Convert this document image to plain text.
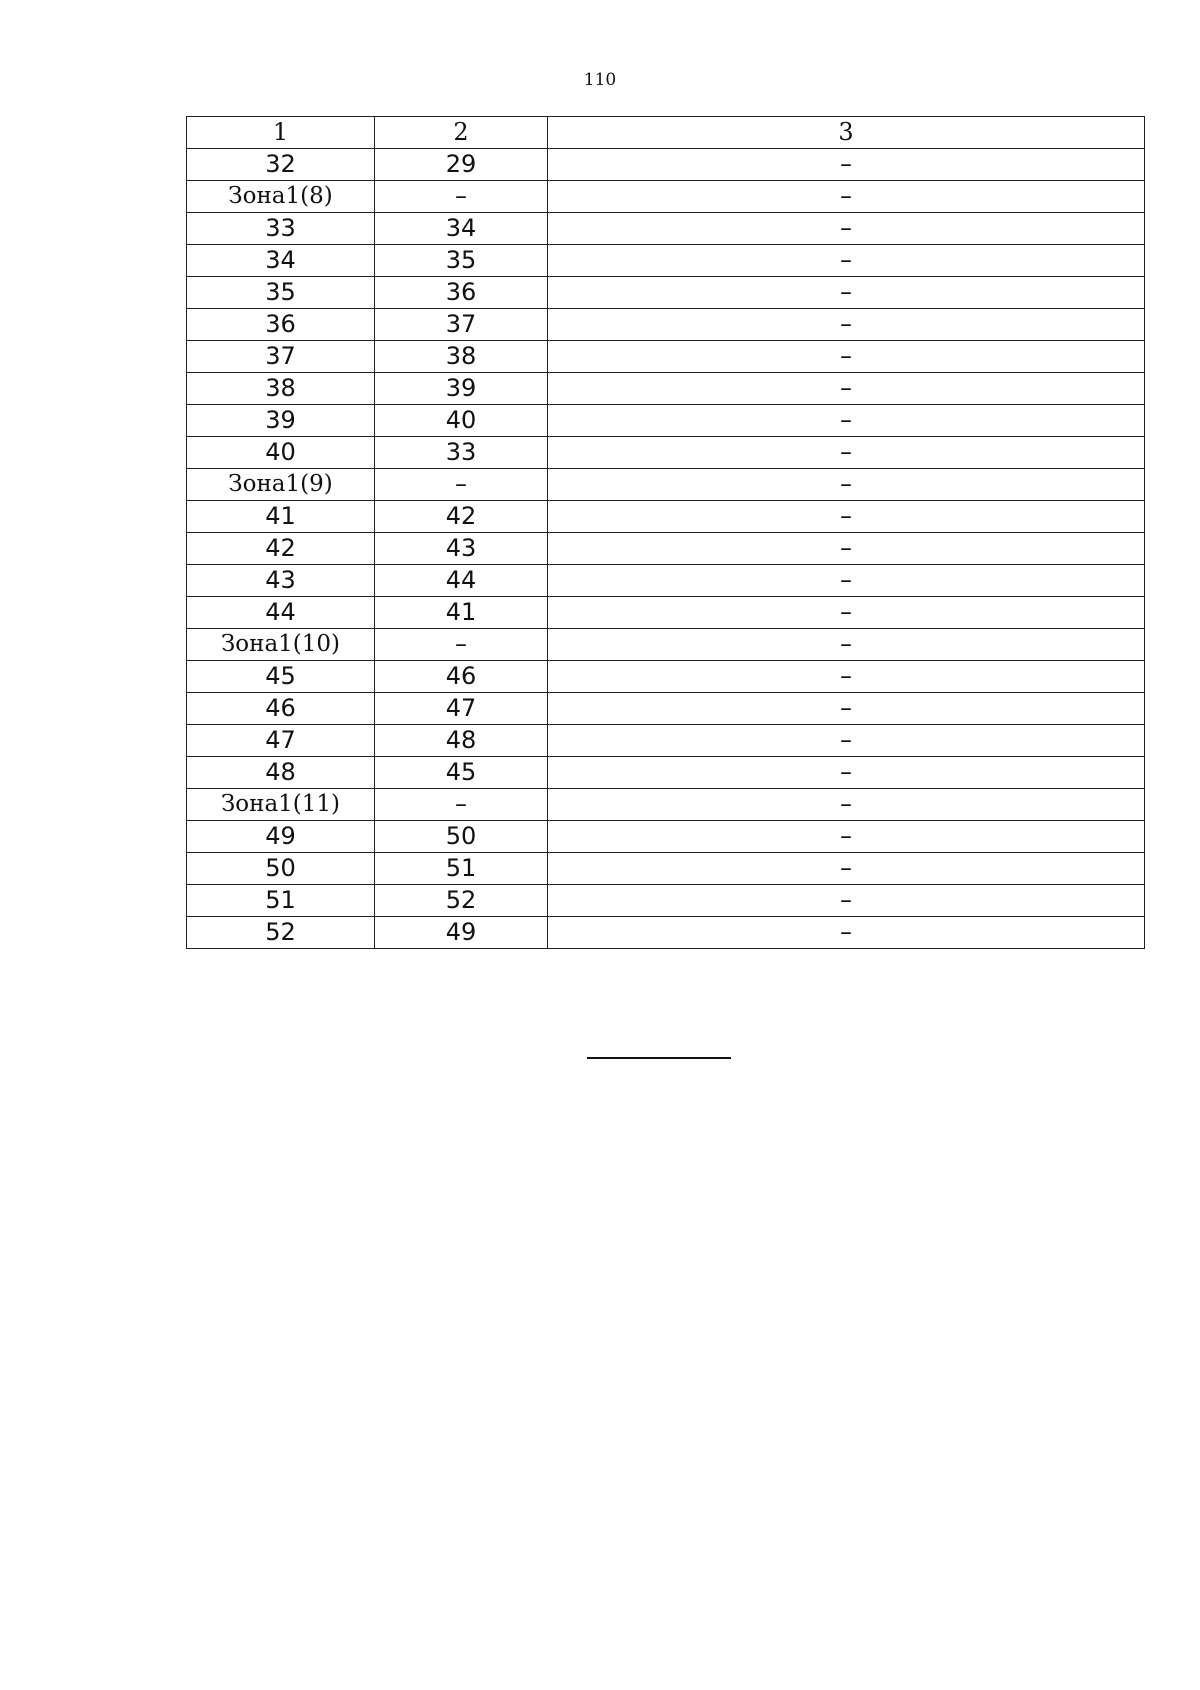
110
1	2	3
32	29	–
Зона1(8)	–	–
33	34	–
34	35	–
35	36	–
36	37	–
37	38	–
38	39	–
39	40	–
40	33	–
Зона1(9)	–	–
41	42	–
42	43	–
43	44	–
44	41	–
Зона1(10)	–	–
45	46	–
46	47	–
47	48	–
48	45	–
Зона1(11)	–	–
49	50	–
50	51	–
51	52	–
52	49	–
